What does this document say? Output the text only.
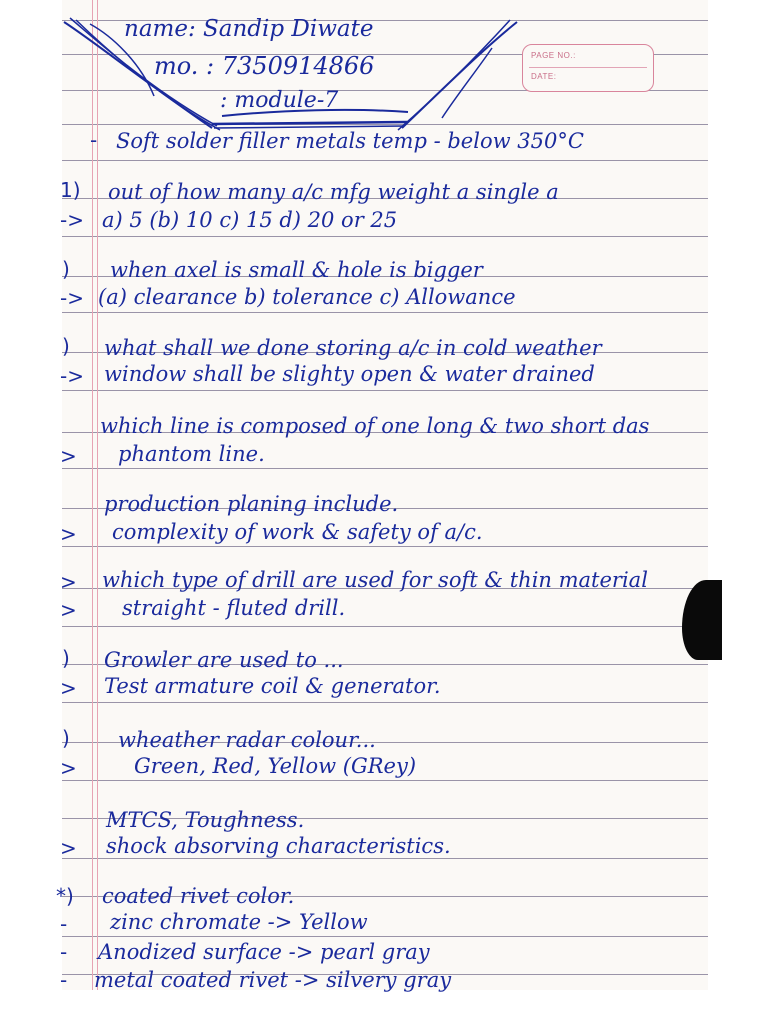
name: Sandip Diwate
mo. : 7350914866
: module-7
PAGE NO.:
DATE:
- Soft solder filler metals temp - below 350°C
1) out of how many a/c mfg weight a single a
-> a) 5 (b) 10 c) 15 d) 20 or 25
) when axel is small & hole is bigger
-> (a) clearance b) tolerance c) Allowance
) what shall we done storing a/c in cold weather
-> window shall be slighty open & water drained
which line is composed of one long & two short das
> phantom line.
production planing include.
> complexity of work & safety of a/c.
> which type of drill are used for soft & thin material
> straight - fluted drill.
) Growler are used to ...
> Test armature coil & generator.
) wheather radar colour...
>	Green, Red, Yellow (GRey)
MTCS, Toughness.
> shock absorving characteristics.
*) coated rivet color.
- zinc chromate -> Yellow
- Anodized surface -> pearl gray
- metal coated rivet -> silvery gray
